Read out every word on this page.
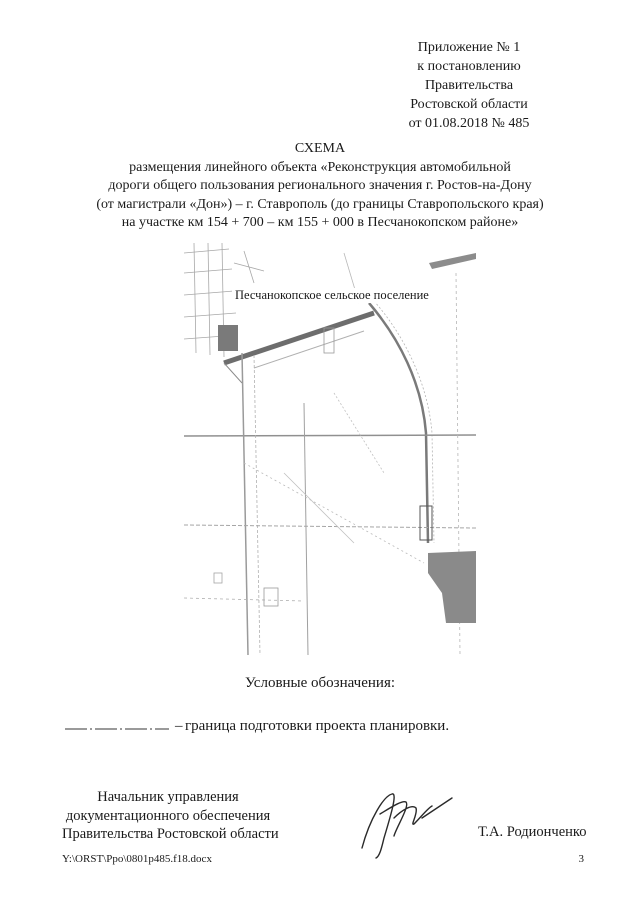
Приложение № 1
к постановлению
Правительства
Ростовской области
от 01.08.2018 № 485
СХЕМА
размещения линейного объекта «Реконструкция автомобильной
дороги общего пользования регионального значения г. Ростов-на-Дону
(от магистрали «Дон») – г. Ставрополь (до границы Ставропольского края)
на участке км 154 + 700 – км 155 + 000 в Песчанокопском районе»
Песчанокопское сельское поселение
Условные обозначения:
– граница подготовки проекта планировки.
Начальник управления
документационного обеспечения
Правительства Ростовской области	Т.А. Родионченко
Y:\ORST\Ppo\0801p485.f18.docx	3
